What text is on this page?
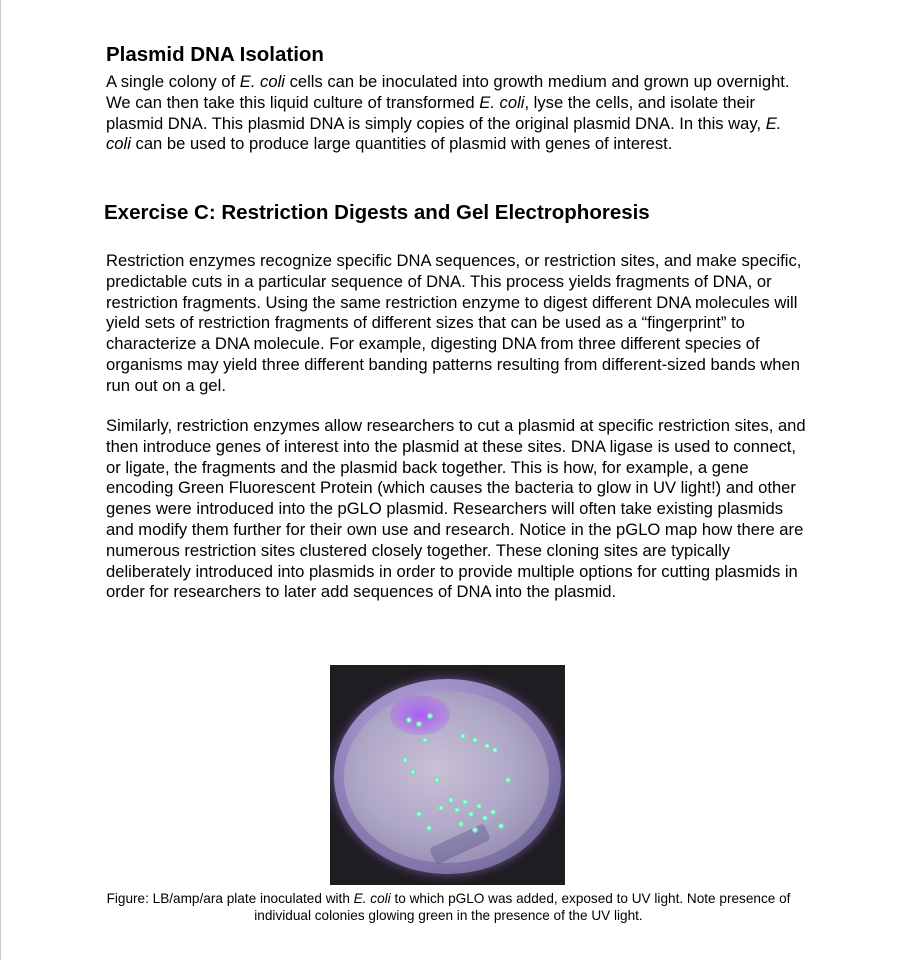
Plasmid DNA Isolation

A single colony of E. coli cells can be inoculated into growth medium and grown up overnight. We can then take this liquid culture of transformed E. coli, lyse the cells, and isolate their plasmid DNA. This plasmid DNA is simply copies of the original plasmid DNA. In this way, E. coli can be used to produce large quantities of plasmid with genes of interest.

Exercise C: Restriction Digests and Gel Electrophoresis

Restriction enzymes recognize specific DNA sequences, or restriction sites, and make specific, predictable cuts in a particular sequence of DNA. This process yields fragments of DNA, or restriction fragments. Using the same restriction enzyme to digest different DNA molecules will yield sets of restriction fragments of different sizes that can be used as a “fingerprint” to characterize a DNA molecule. For example, digesting DNA from three different species of organisms may yield three different banding patterns resulting from different-sized bands when run out on a gel.

Similarly, restriction enzymes allow researchers to cut a plasmid at specific restriction sites, and then introduce genes of interest into the plasmid at these sites. DNA ligase is used to connect, or ligate, the fragments and the plasmid back together. This is how, for example, a gene encoding Green Fluorescent Protein (which causes the bacteria to glow in UV light!) and other genes were introduced into the pGLO plasmid. Researchers will often take existing plasmids and modify them further for their own use and research. Notice in the pGLO map how there are numerous restriction sites clustered closely together. These cloning sites are typically deliberately introduced into plasmids in order to provide multiple options for cutting plasmids in order for researchers to later add sequences of DNA into the plasmid.

Figure: LB/amp/ara plate inoculated with E. coli to which pGLO was added, exposed to UV light. Note presence of individual colonies glowing green in the presence of the UV light.
